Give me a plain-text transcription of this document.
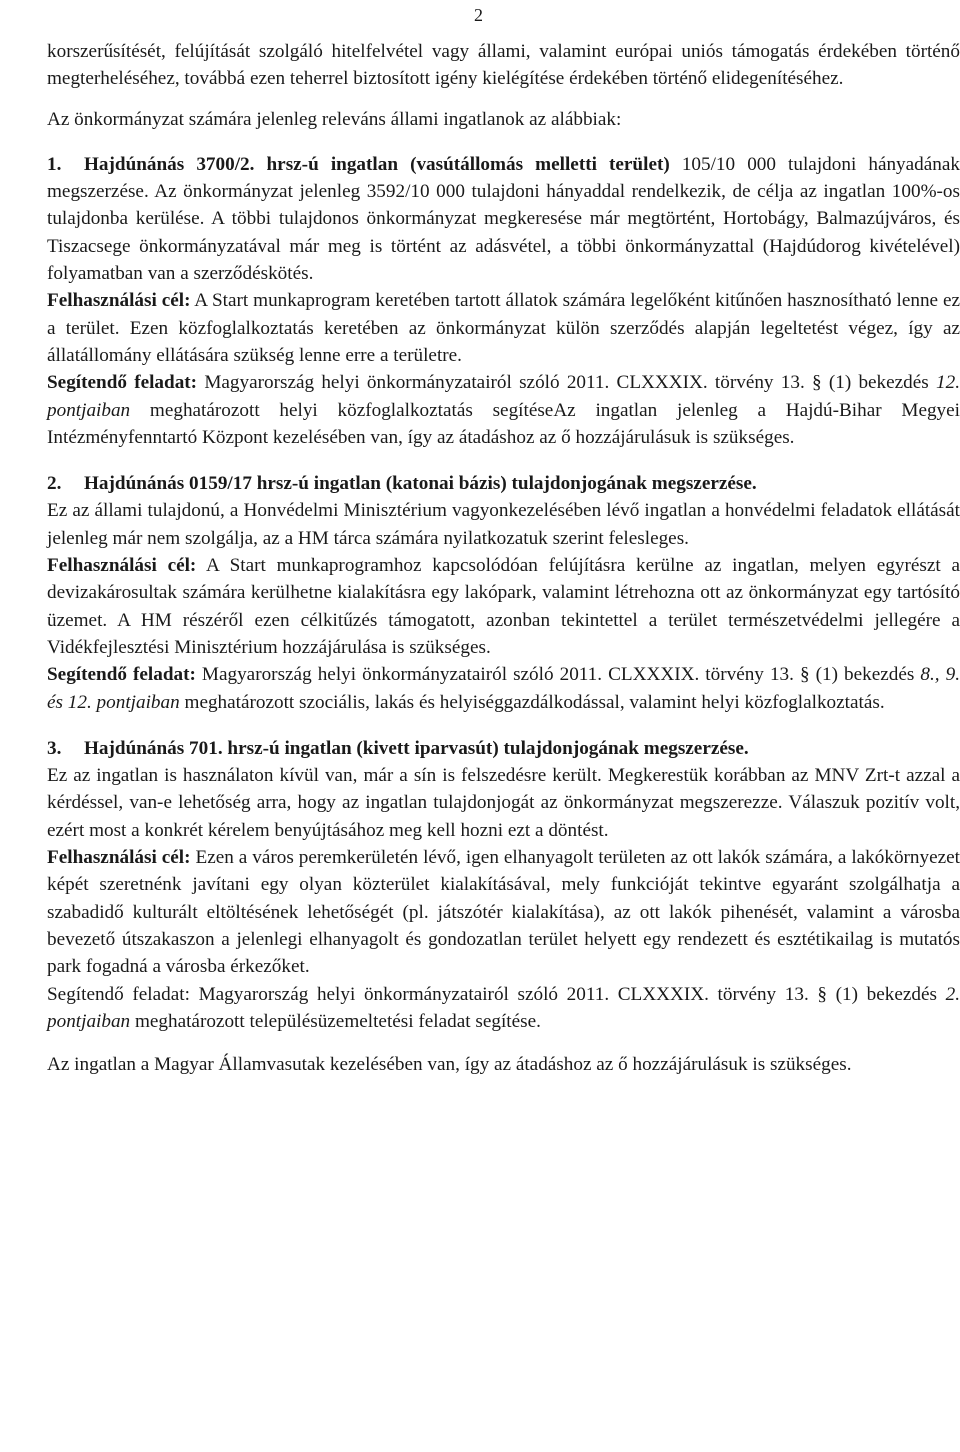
2

korszerűsítését, felújítását szolgáló hitelfelvétel vagy állami, valamint európai uniós támogatás érdekében történő megterheléséhez, továbbá ezen teherrel biztosított igény kielégítése érdekében történő elidegenítéséhez.

Az önkormányzat számára jelenleg releváns állami ingatlanok az alábbiak:

1. Hajdúnánás 3700/2. hrsz-ú ingatlan (vasútállomás melletti terület) 105/10 000 tulajdoni hányadának megszerzése. Az önkormányzat jelenleg 3592/10 000 tulajdoni hányaddal rendelkezik, de célja az ingatlan 100%-os tulajdonba kerülése. A többi tulajdonos önkormányzat megkeresése már megtörtént, Hortobágy, Balmazújváros, és Tiszacsege önkormányzatával már meg is történt az adásvétel, a többi önkormányzattal (Hajdúdorog kivételével) folyamatban van a szerződéskötés.

Felhasználási cél: A Start munkaprogram keretében tartott állatok számára legelőként kitűnően hasznosítható lenne ez a terület. Ezen közfoglalkoztatás keretében az önkormányzat külön szerződés alapján legeltetést végez, így az állatállomány ellátására szükség lenne erre a területre.

Segítendő feladat: Magyarország helyi önkormányzatairól szóló 2011. CLXXXIX. törvény 13. § (1) bekezdés 12. pontjaiban meghatározott helyi közfoglalkoztatás segítéseAz ingatlan jelenleg a Hajdú-Bihar Megyei Intézményfenntartó Központ kezelésében van, így az átadáshoz az ő hozzájárulásuk is szükséges.

2. Hajdúnánás 0159/17 hrsz-ú ingatlan (katonai bázis) tulajdonjogának megszerzése.

Ez az állami tulajdonú, a Honvédelmi Minisztérium vagyonkezelésében lévő ingatlan a honvédelmi feladatok ellátását jelenleg már nem szolgálja, az a HM tárca számára nyilatkozatuk szerint felesleges.

Felhasználási cél: A Start munkaprogramhoz kapcsolódóan felújításra kerülne az ingatlan, melyen egyrészt a devizakárosultak számára kerülhetne kialakításra egy lakópark, valamint létrehozna ott az önkormányzat egy tartósító üzemet. A HM részéről ezen célkitűzés támogatott, azonban tekintettel a terület természetvédelmi jellegére a Vidékfejlesztési Minisztérium hozzájárulása is szükséges.

Segítendő feladat: Magyarország helyi önkormányzatairól szóló 2011. CLXXXIX. törvény 13. § (1) bekezdés 8., 9. és 12. pontjaiban meghatározott szociális, lakás és helyiséggazdálkodással, valamint helyi közfoglalkoztatás.

3. Hajdúnánás 701. hrsz-ú ingatlan (kivett iparvasút) tulajdonjogának megszerzése.

Ez az ingatlan is használaton kívül van, már a sín is felszedésre került. Megkerestük korábban az MNV Zrt-t azzal a kérdéssel, van-e lehetőség arra, hogy az ingatlan tulajdonjogát az önkormányzat megszerezze. Válaszuk pozitív volt, ezért most a konkrét kérelem benyújtásához meg kell hozni ezt a döntést.

Felhasználási cél: Ezen a város peremkerületén lévő, igen elhanyagolt területen az ott lakók számára, a lakókörnyezet képét szeretnénk javítani egy olyan közterület kialakításával, mely funkcióját tekintve egyaránt szolgálhatja a szabadidő kulturált eltöltésének lehetőségét (pl. játszótér kialakítása), az ott lakók pihenését, valamint a városba bevezető útszakaszon a jelenlegi elhanyagolt és gondozatlan terület helyett egy rendezett és esztétikailag is mutatós park fogadná a városba érkezőket.

Segítendő feladat: Magyarország helyi önkormányzatairól szóló 2011. CLXXXIX. törvény 13. § (1) bekezdés 2. pontjaiban meghatározott településüzemeltetési feladat segítése.

Az ingatlan a Magyar Államvasutak kezelésében van, így az átadáshoz az ő hozzájárulásuk is szükséges.
